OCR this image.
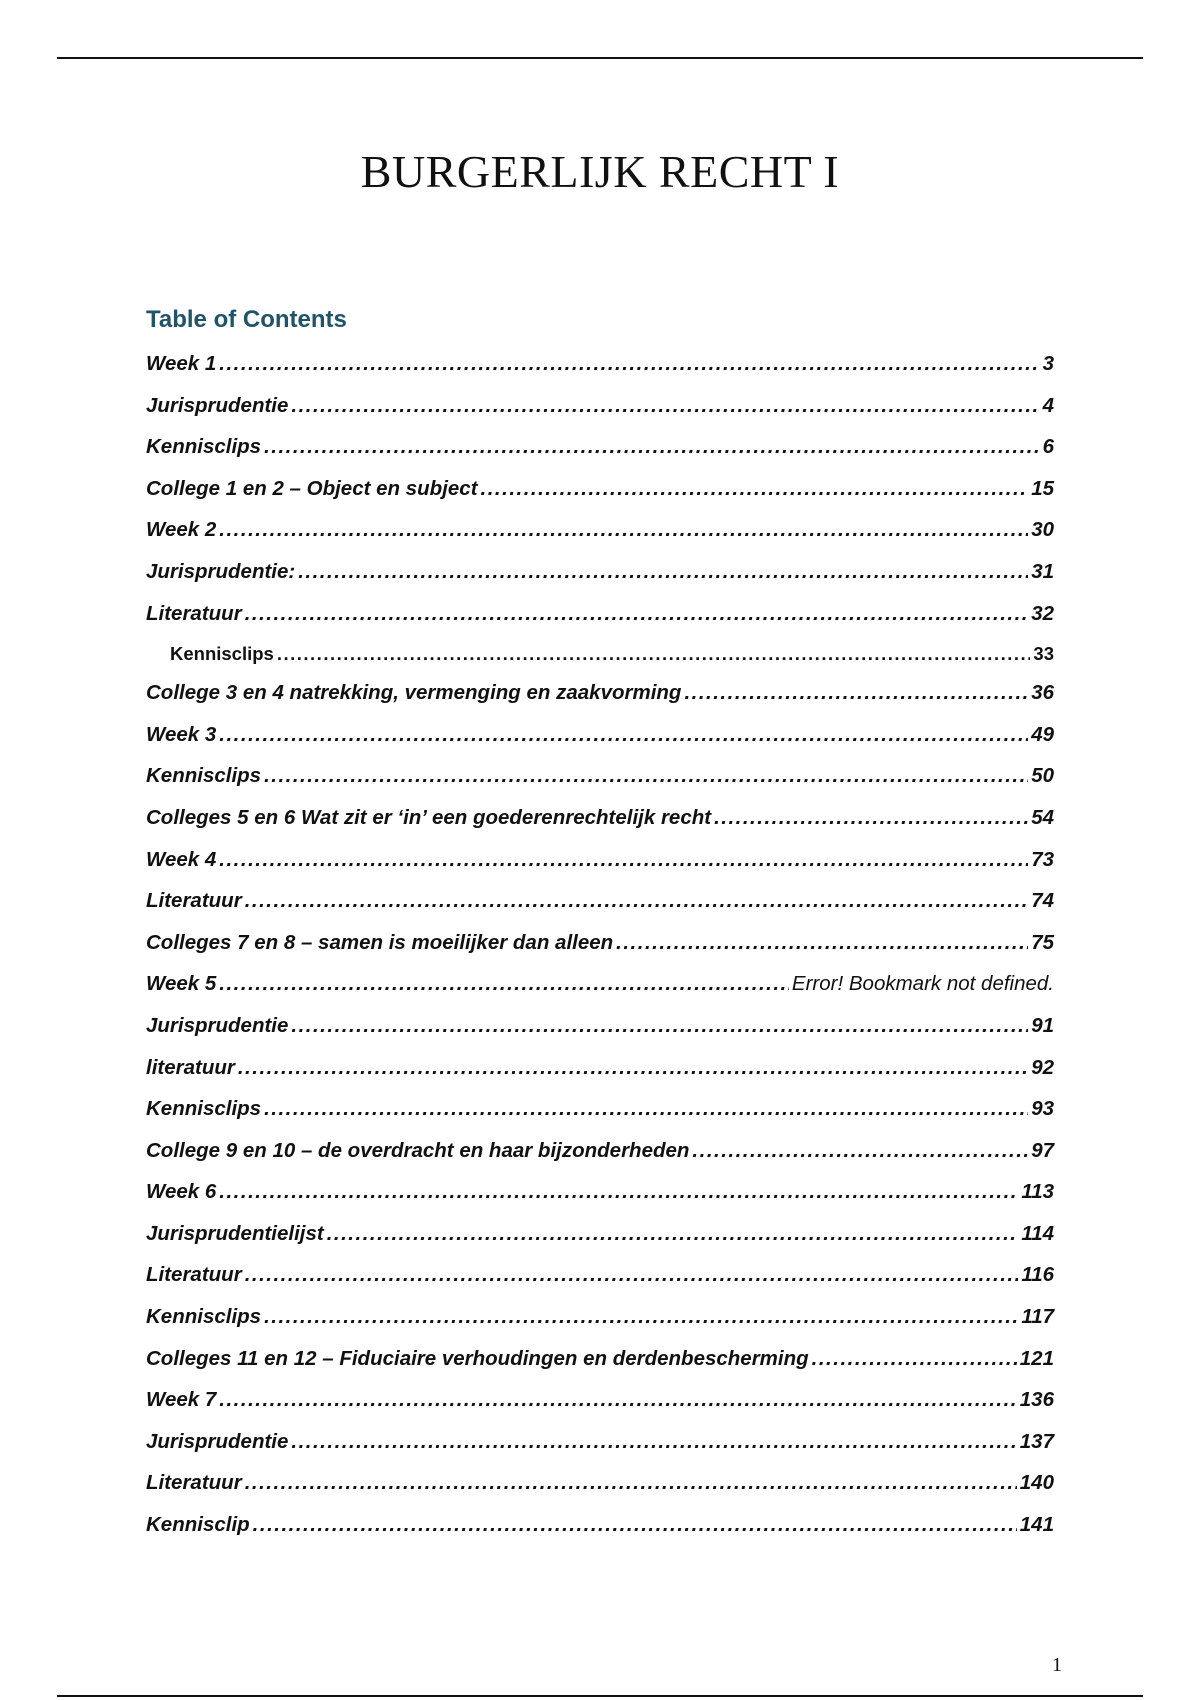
BURGERLIJK RECHT I
Table of Contents
Week 1 .....	3
Jurisprudentie .....	4
Kennisclips .....	6
College 1 en 2 – Object en subject .....	15
Week 2 .....	30
Jurisprudentie: .....	31
Literatuur .....	32
Kennisclips .....	33
College 3 en 4 natrekking, vermenging en zaakvorming .....	36
Week 3 .....	49
Kennisclips .....	50
Colleges 5 en 6 Wat zit er ‘in’ een goederenrechtelijk recht .....	54
Week 4 .....	73
Literatuur .....	74
Colleges 7 en 8 – samen is moeilijker dan alleen .....	75
Week 5 .....	Error! Bookmark not defined.
Jurisprudentie .....	91
literatuur .....	92
Kennisclips .....	93
College 9 en 10 – de overdracht en haar bijzonderheden .....	97
Week 6 .....	113
Jurisprudentielijst .....	114
Literatuur .....	116
Kennisclips .....	117
Colleges 11 en 12 – Fiduciaire verhoudingen en derdenbescherming .....	121
Week 7 .....	136
Jurisprudentie .....	137
Literatuur .....	140
Kennisclip .....	141
1
